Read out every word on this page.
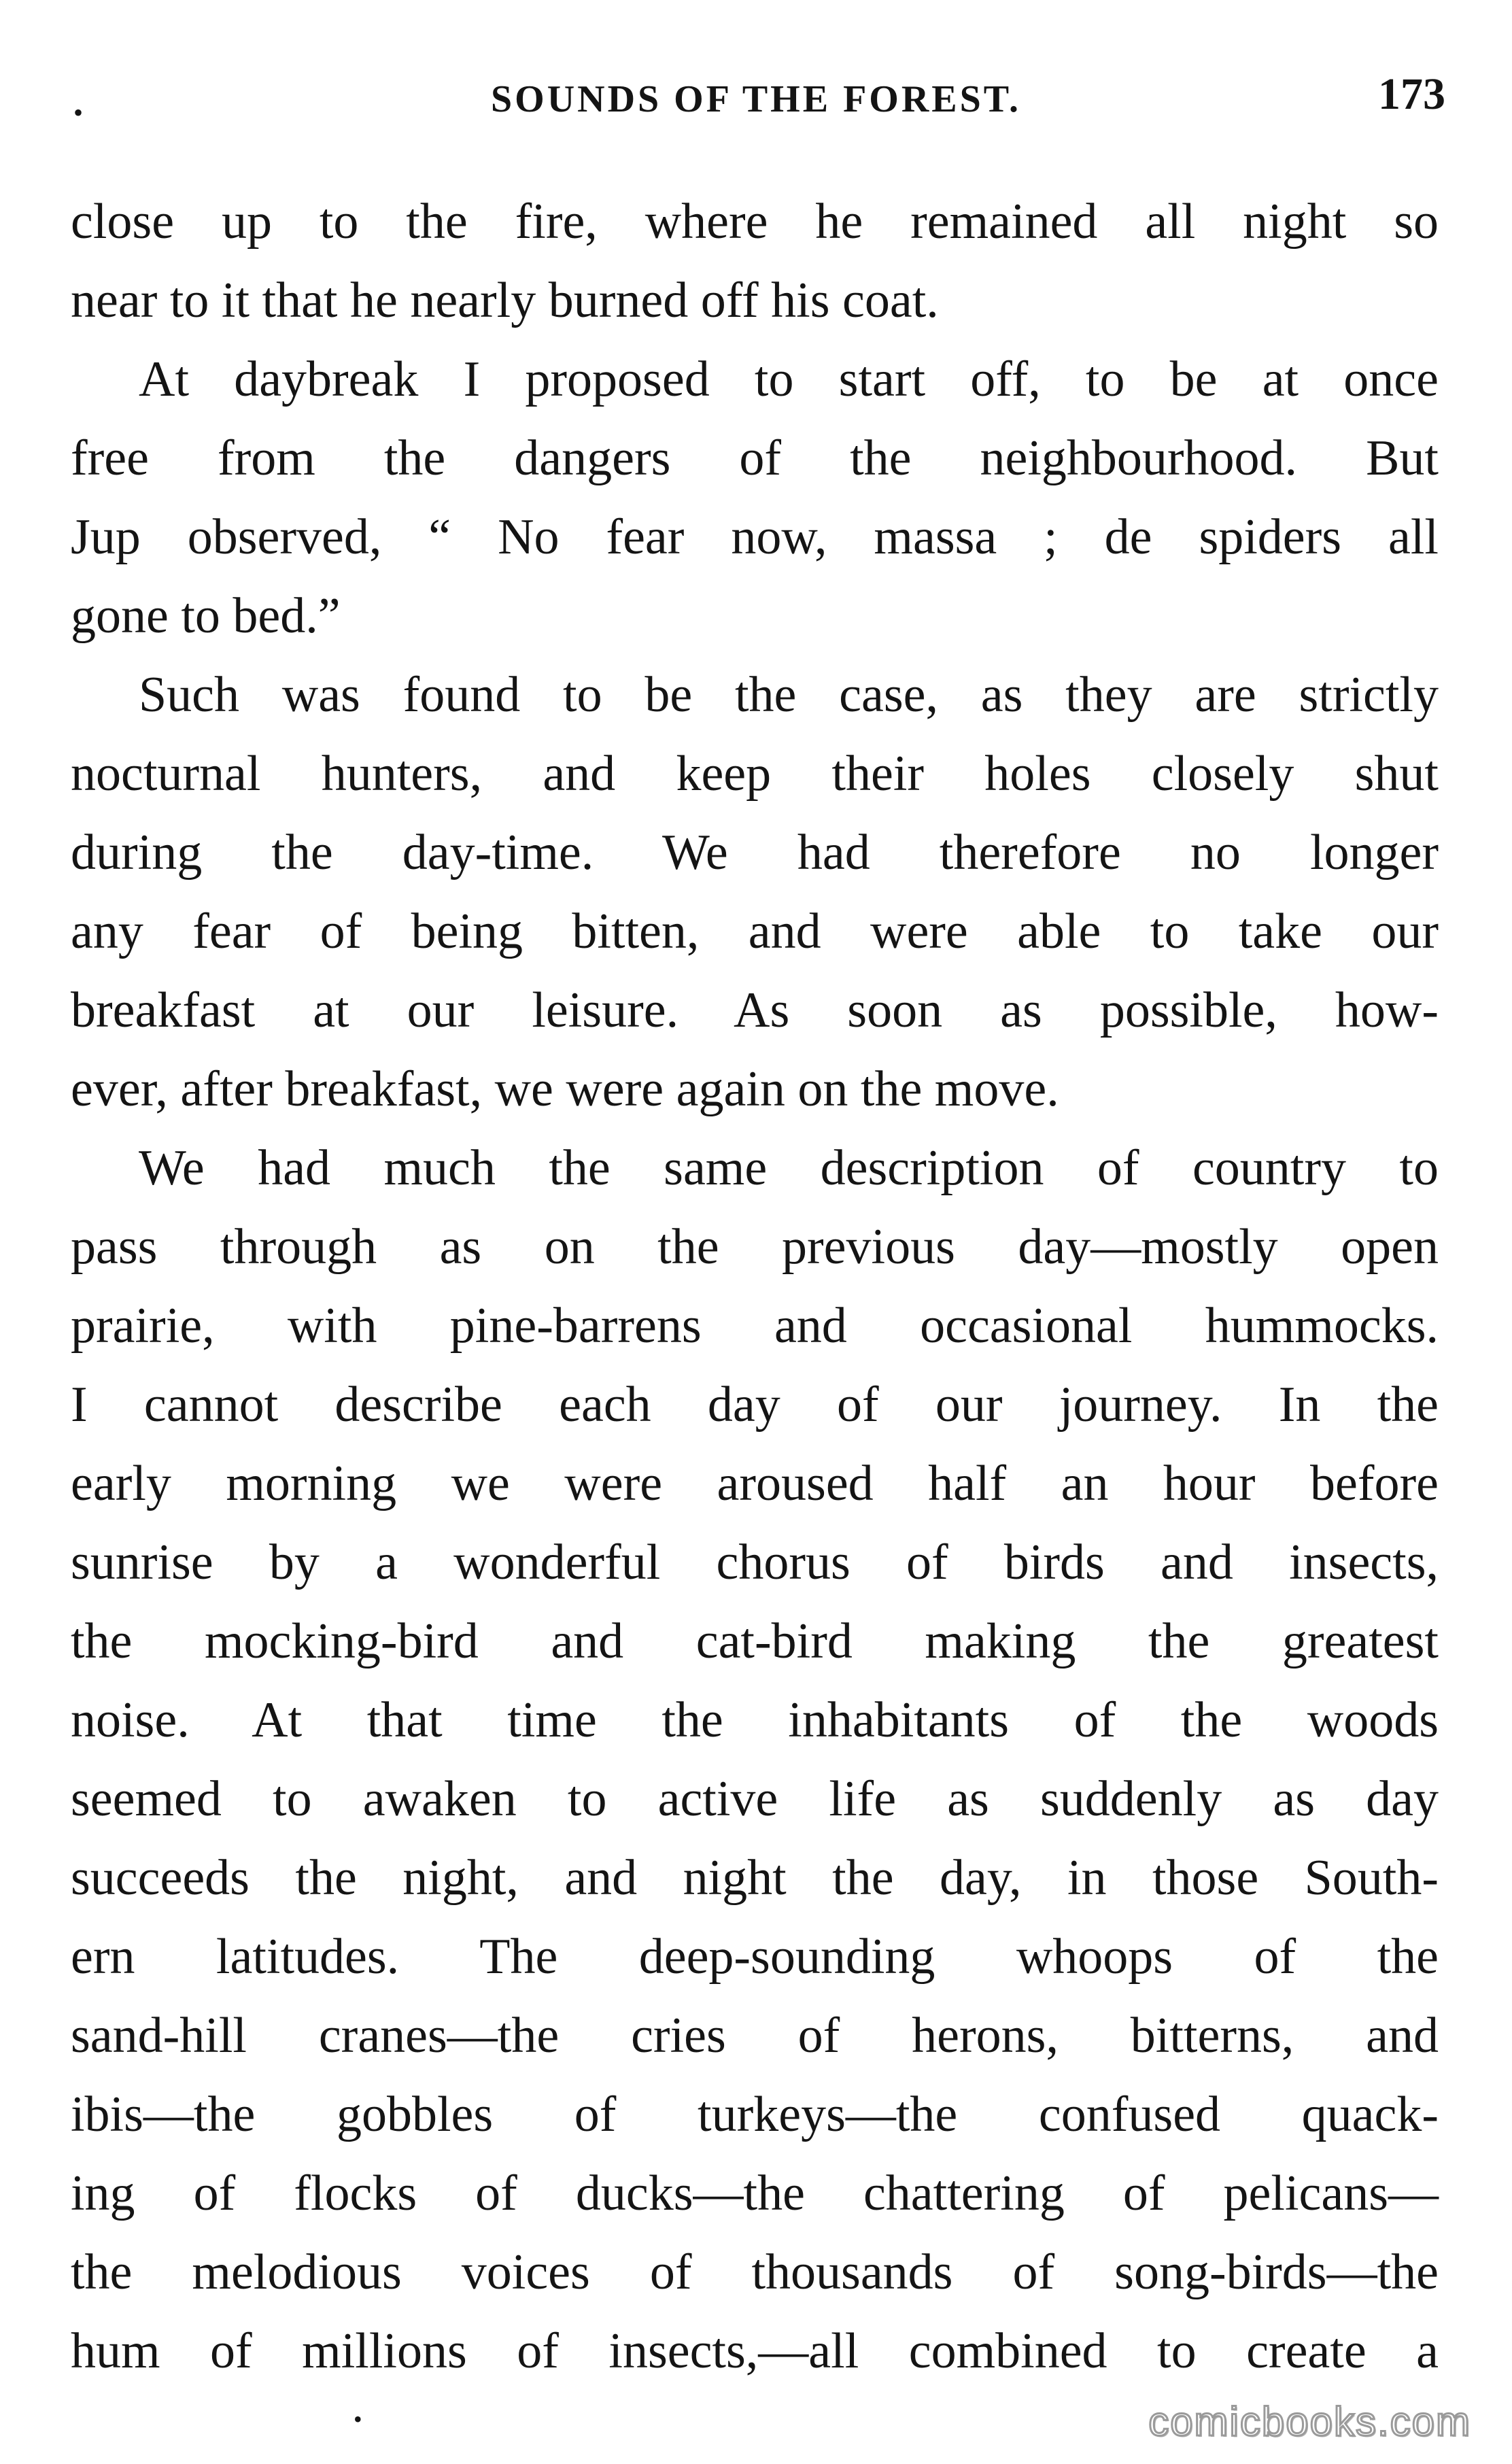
•	SOUNDS OF THE FOREST.	173
close up to the fire, where he remained all night so
near to it that he nearly burned off his coat.
At daybreak I proposed to start off, to be at once
free from the dangers of the neighbourhood. But
Jup observed, “ No fear now, massa ; de spiders all
gone to bed.”
Such was found to be the case, as they are strictly
nocturnal hunters, and keep their holes closely shut
during the day-time. We had therefore no longer
any fear of being bitten, and were able to take our
breakfast at our leisure. As soon as possible, how-
ever, after breakfast, we were again on the move.
We had much the same description of country to
pass through as on the previous day—mostly open
prairie, with pine-barrens and occasional hummocks.
I cannot describe each day of our journey. In the
early morning we were aroused half an hour before
sunrise by a wonderful chorus of birds and insects,
the mocking-bird and cat-bird making the greatest
noise. At that time the inhabitants of the woods
seemed to awaken to active life as suddenly as day
succeeds the night, and night the day, in those South-
ern latitudes. The deep-sounding whoops of the
sand-hill cranes—the cries of herons, bitterns, and
ibis—the gobbles of turkeys—the confused quack-
ing of flocks of ducks—the chattering of pelicans—
the melodious voices of thousands of song-birds—the
hum of millions of insects,—all combined to create a
•	comicbooks.com
